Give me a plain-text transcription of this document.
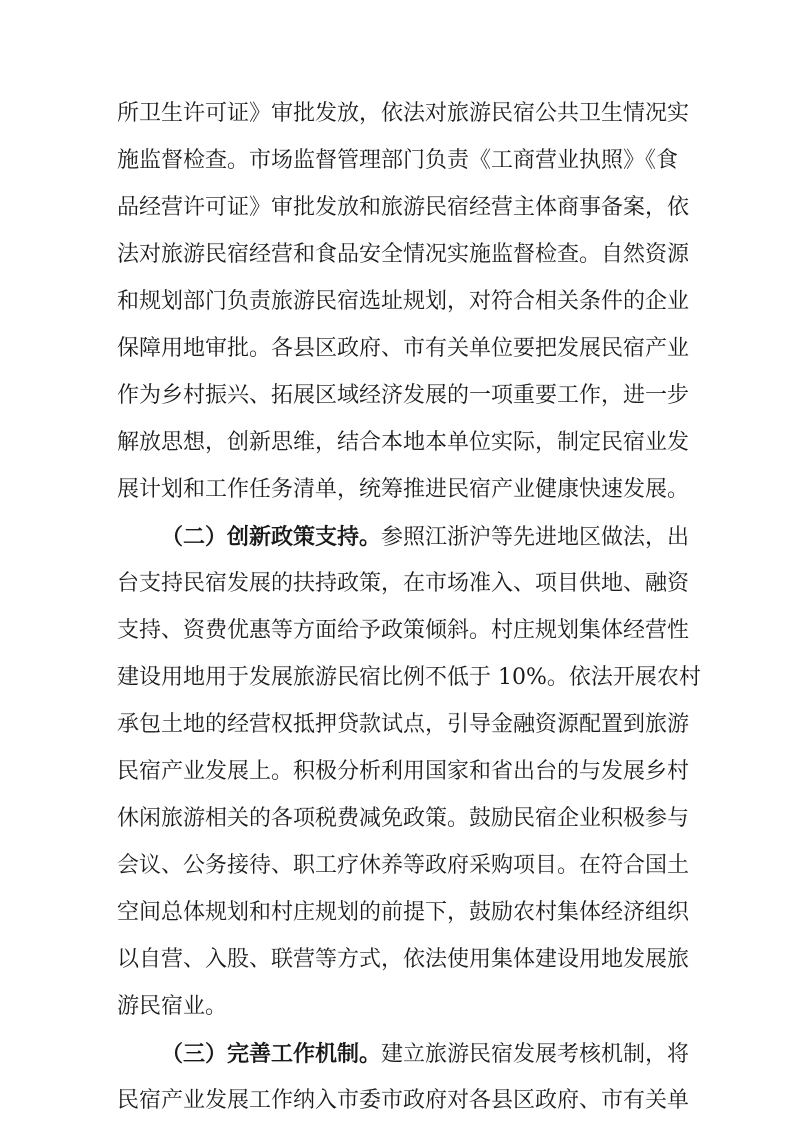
所卫生许可证》审批发放，依法对旅游民宿公共卫生情况实
施监督检查。市场监督管理部门负责《工商营业执照》《食
品经营许可证》审批发放和旅游民宿经营主体商事备案，依
法对旅游民宿经营和食品安全情况实施监督检查。自然资源
和规划部门负责旅游民宿选址规划，对符合相关条件的企业
保障用地审批。各县区政府、市有关单位要把发展民宿产业
作为乡村振兴、拓展区域经济发展的一项重要工作，进一步
解放思想，创新思维，结合本地本单位实际，制定民宿业发
展计划和工作任务清单，统筹推进民宿产业健康快速发展。
（二）创新政策支持。参照江浙沪等先进地区做法，出
台支持民宿发展的扶持政策，在市场准入、项目供地、融资
支持、资费优惠等方面给予政策倾斜。村庄规划集体经营性
建设用地用于发展旅游民宿比例不低于 10%。依法开展农村
承包土地的经营权抵押贷款试点，引导金融资源配置到旅游
民宿产业发展上。积极分析利用国家和省出台的与发展乡村
休闲旅游相关的各项税费减免政策。鼓励民宿企业积极参与
会议、公务接待、职工疗休养等政府采购项目。在符合国土
空间总体规划和村庄规划的前提下，鼓励农村集体经济组织
以自营、入股、联营等方式，依法使用集体建设用地发展旅
游民宿业。
（三）完善工作机制。建立旅游民宿发展考核机制，将
民宿产业发展工作纳入市委市政府对各县区政府、市有关单
